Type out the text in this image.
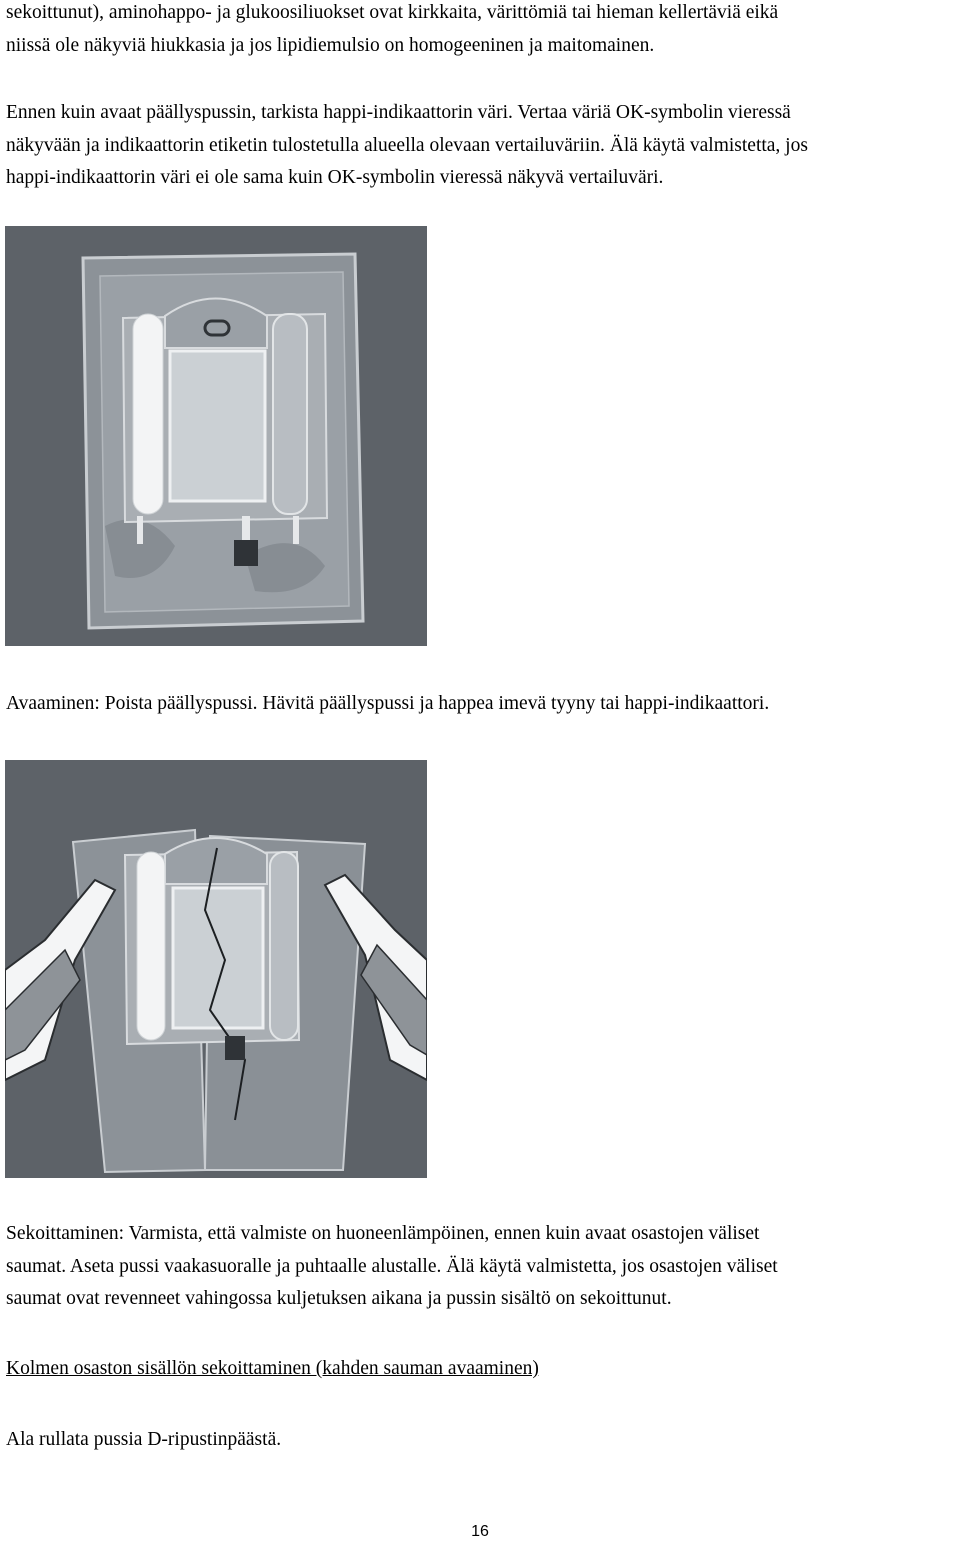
sekoittunut), aminohappo- ja glukoosiliuokset ovat kirkkaita, värittömiä tai hieman kellertäviä eikä
niissä ole näkyviä hiukkasia ja jos lipidiemulsio on homogeeninen ja maitomainen.

Ennen kuin avaat päällyspussin, tarkista happi-indikaattorin väri. Vertaa väriä OK-symbolin vieressä
näkyvään ja indikaattorin etiketin tulostetulla alueella olevaan vertailuväriin. Älä käytä valmistetta, jos
happi-indikaattorin väri ei ole sama kuin OK-symbolin vieressä näkyvä vertailuväri.

Avaaminen: Poista päällyspussi. Hävitä päällyspussi ja happea imevä tyyny tai happi-indikaattori.

Sekoittaminen: Varmista, että valmiste on huoneenlämpöinen, ennen kuin avaat osastojen väliset
saumat. Aseta pussi vaakasuoralle ja puhtaalle alustalle. Älä käytä valmistetta, jos osastojen väliset
saumat ovat revenneet vahingossa kuljetuksen aikana ja pussin sisältö on sekoittunut.

Kolmen osaston sisällön sekoittaminen (kahden sauman avaaminen)

Ala rullata pussia D-ripustinpäästä.

16
